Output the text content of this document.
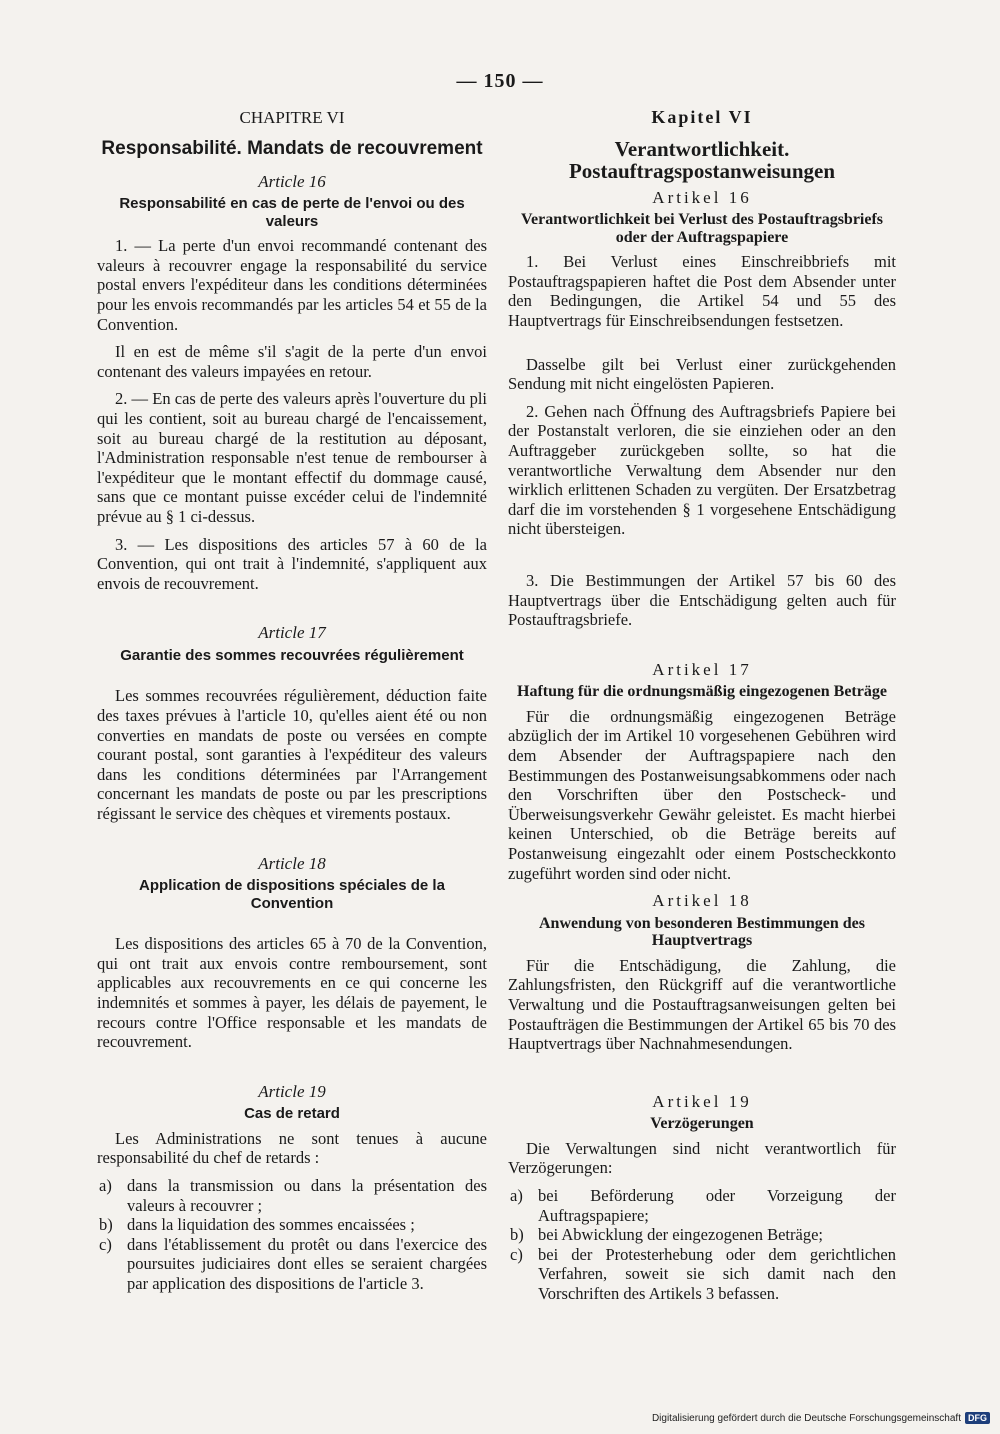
— 150 —
CHAPITRE VI
Responsabilité. Mandats de recouvrement
Article 16
Responsabilité en cas de perte de l'envoi ou des valeurs

1. — La perte d'un envoi recommandé contenant des valeurs à recouvrer engage la responsabilité du service postal envers l'expéditeur dans les conditions déterminées pour les envois recommandés par les articles 54 et 55 de la Convention.

Il en est de même s'il s'agit de la perte d'un envoi contenant des valeurs impayées en retour.

2. — En cas de perte des valeurs après l'ouverture du pli qui les contient, soit au bureau chargé de l'encaissement, soit au bureau chargé de la restitution au déposant, l'Administration responsable n'est tenue de rembourser à l'expéditeur que le montant effectif du dommage causé, sans que ce montant puisse excéder celui de l'indemnité prévue au § 1 ci-dessus.

3. — Les dispositions des articles 57 à 60 de la Convention, qui ont trait à l'indemnité, s'appliquent aux envois de recouvrement.

Article 17
Garantie des sommes recouvrées régulièrement

Les sommes recouvrées régulièrement, déduction faite des taxes prévues à l'article 10, qu'elles aient été ou non converties en mandats de poste ou versées en compte courant postal, sont garanties à l'expéditeur des valeurs dans les conditions déterminées par l'Arrangement concernant les mandats de poste ou par les prescriptions régissant le service des chèques et virements postaux.

Article 18
Application de dispositions spéciales de la Convention

Les dispositions des articles 65 à 70 de la Convention, qui ont trait aux envois contre remboursement, sont applicables aux recouvrements en ce qui concerne les indemnités et sommes à payer, les délais de payement, le recours contre l'Office responsable et les mandats de recouvrement.

Article 19
Cas de retard

Les Administrations ne sont tenues à aucune responsabilité du chef de retards :

a) dans la transmission ou dans la présentation des valeurs à recouvrer ;
b) dans la liquidation des sommes encaissées ;
c) dans l'établissement du protêt ou dans l'exercice des poursuites judiciaires dont elles se seraient chargées par application des dispositions de l'article 3.
Kapitel VI
Verantwortlichkeit. Postauftragspostanweisungen
Artikel 16
Verantwortlichkeit bei Verlust des Postauftragsbriefs oder der Auftragspapiere

1. Bei Verlust eines Einschreibbriefs mit Postauftragspapieren haftet die Post dem Absender unter den Bedingungen, die Artikel 54 und 55 des Hauptvertrags für Einschreibsendungen festsetzen.

Dasselbe gilt bei Verlust einer zurückgehenden Sendung mit nicht eingelösten Papieren.

2. Gehen nach Öffnung des Auftragsbriefs Papiere bei der Postanstalt verloren, die sie einziehen oder an den Auftraggeber zurückgeben sollte, so hat die verantwortliche Verwaltung dem Absender nur den wirklich erlittenen Schaden zu vergüten. Der Ersatzbetrag darf die im vorstehenden § 1 vorgesehene Entschädigung nicht übersteigen.

3. Die Bestimmungen der Artikel 57 bis 60 des Hauptvertrags über die Entschädigung gelten auch für Postauftragsbriefe.

Artikel 17
Haftung für die ordnungsmäßig eingezogenen Beträge

Für die ordnungsmäßig eingezogenen Beträge abzüglich der im Artikel 10 vorgesehenen Gebühren wird dem Absender der Auftragspapiere nach den Bestimmungen des Postanweisungsabkommens oder nach den Vorschriften über den Postscheck- und Überweisungsverkehr Gewähr geleistet. Es macht hierbei keinen Unterschied, ob die Beträge bereits auf Postanweisung eingezahlt oder einem Postscheckkonto zugeführt worden sind oder nicht.

Artikel 18
Anwendung von besonderen Bestimmungen des Hauptvertrags

Für die Entschädigung, die Zahlung, die Zahlungsfristen, den Rückgriff auf die verantwortliche Verwaltung und die Postauftragsanweisungen gelten bei Postaufträgen die Bestimmungen der Artikel 65 bis 70 des Hauptvertrags über Nachnahmesendungen.

Artikel 19
Verzögerungen

Die Verwaltungen sind nicht verantwortlich für Verzögerungen:

a) bei Beförderung oder Vorzeigung der Auftragspapiere;
b) bei Abwicklung der eingezogenen Beträge;
c) bei der Protesterhebung oder dem gerichtlichen Verfahren, soweit sie sich damit nach den Vorschriften des Artikels 3 befassen.
Digitalisierung gefördert durch die Deutsche Forschungsgemeinschaft DFG
